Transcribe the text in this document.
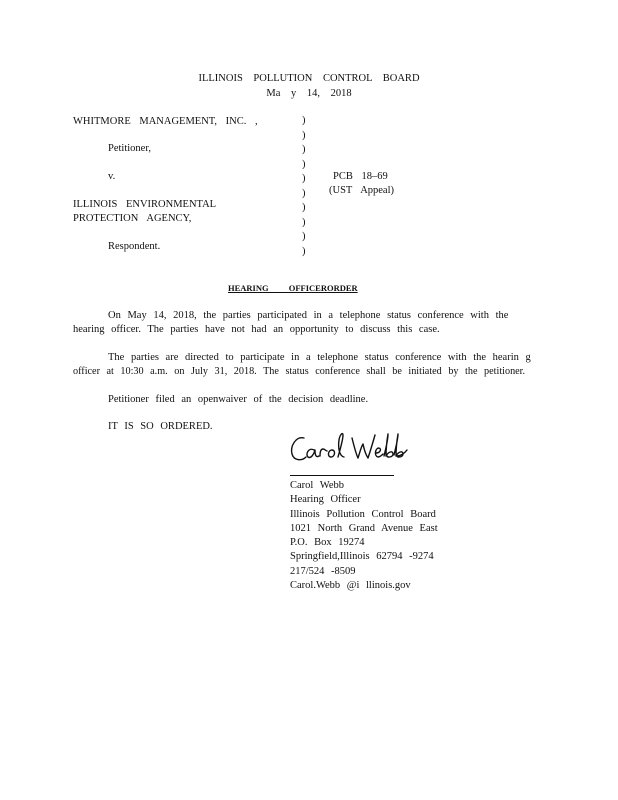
ILLINOIS POLLUTION CONTROL BOARD
Ma y 14, 2018
WHITMORE MANAGEMENT, INC. ,
Petitioner,
v.
ILLINOIS ENVIRONMENTAL
PROTECTION AGENCY,
Respondent.
)
)
)
)
)
)
)
)
)
)
PCB 18–69
(UST Appeal)
HEARING OFFICERORDER
On May 14, 2018, the parties participated in a telephone status conference with the
hearing officer. The parties have not had an opportunity to discuss this case.
The parties are directed to participate in a telephone status conference with the hearin g
officer at 10:30 a.m. on July 31, 2018. The status conference shall be initiated by the petitioner.
Petitioner filed an openwaiver of the decision deadline.
IT IS SO ORDERED.
Carol Webb
Hearing Officer
Illinois Pollution Control Board
1021 North Grand Avenue East
P.O. Box 19274
Springfield,Illinois 62794 -9274
217/524 -8509
Carol.Webb @i llinois.gov
